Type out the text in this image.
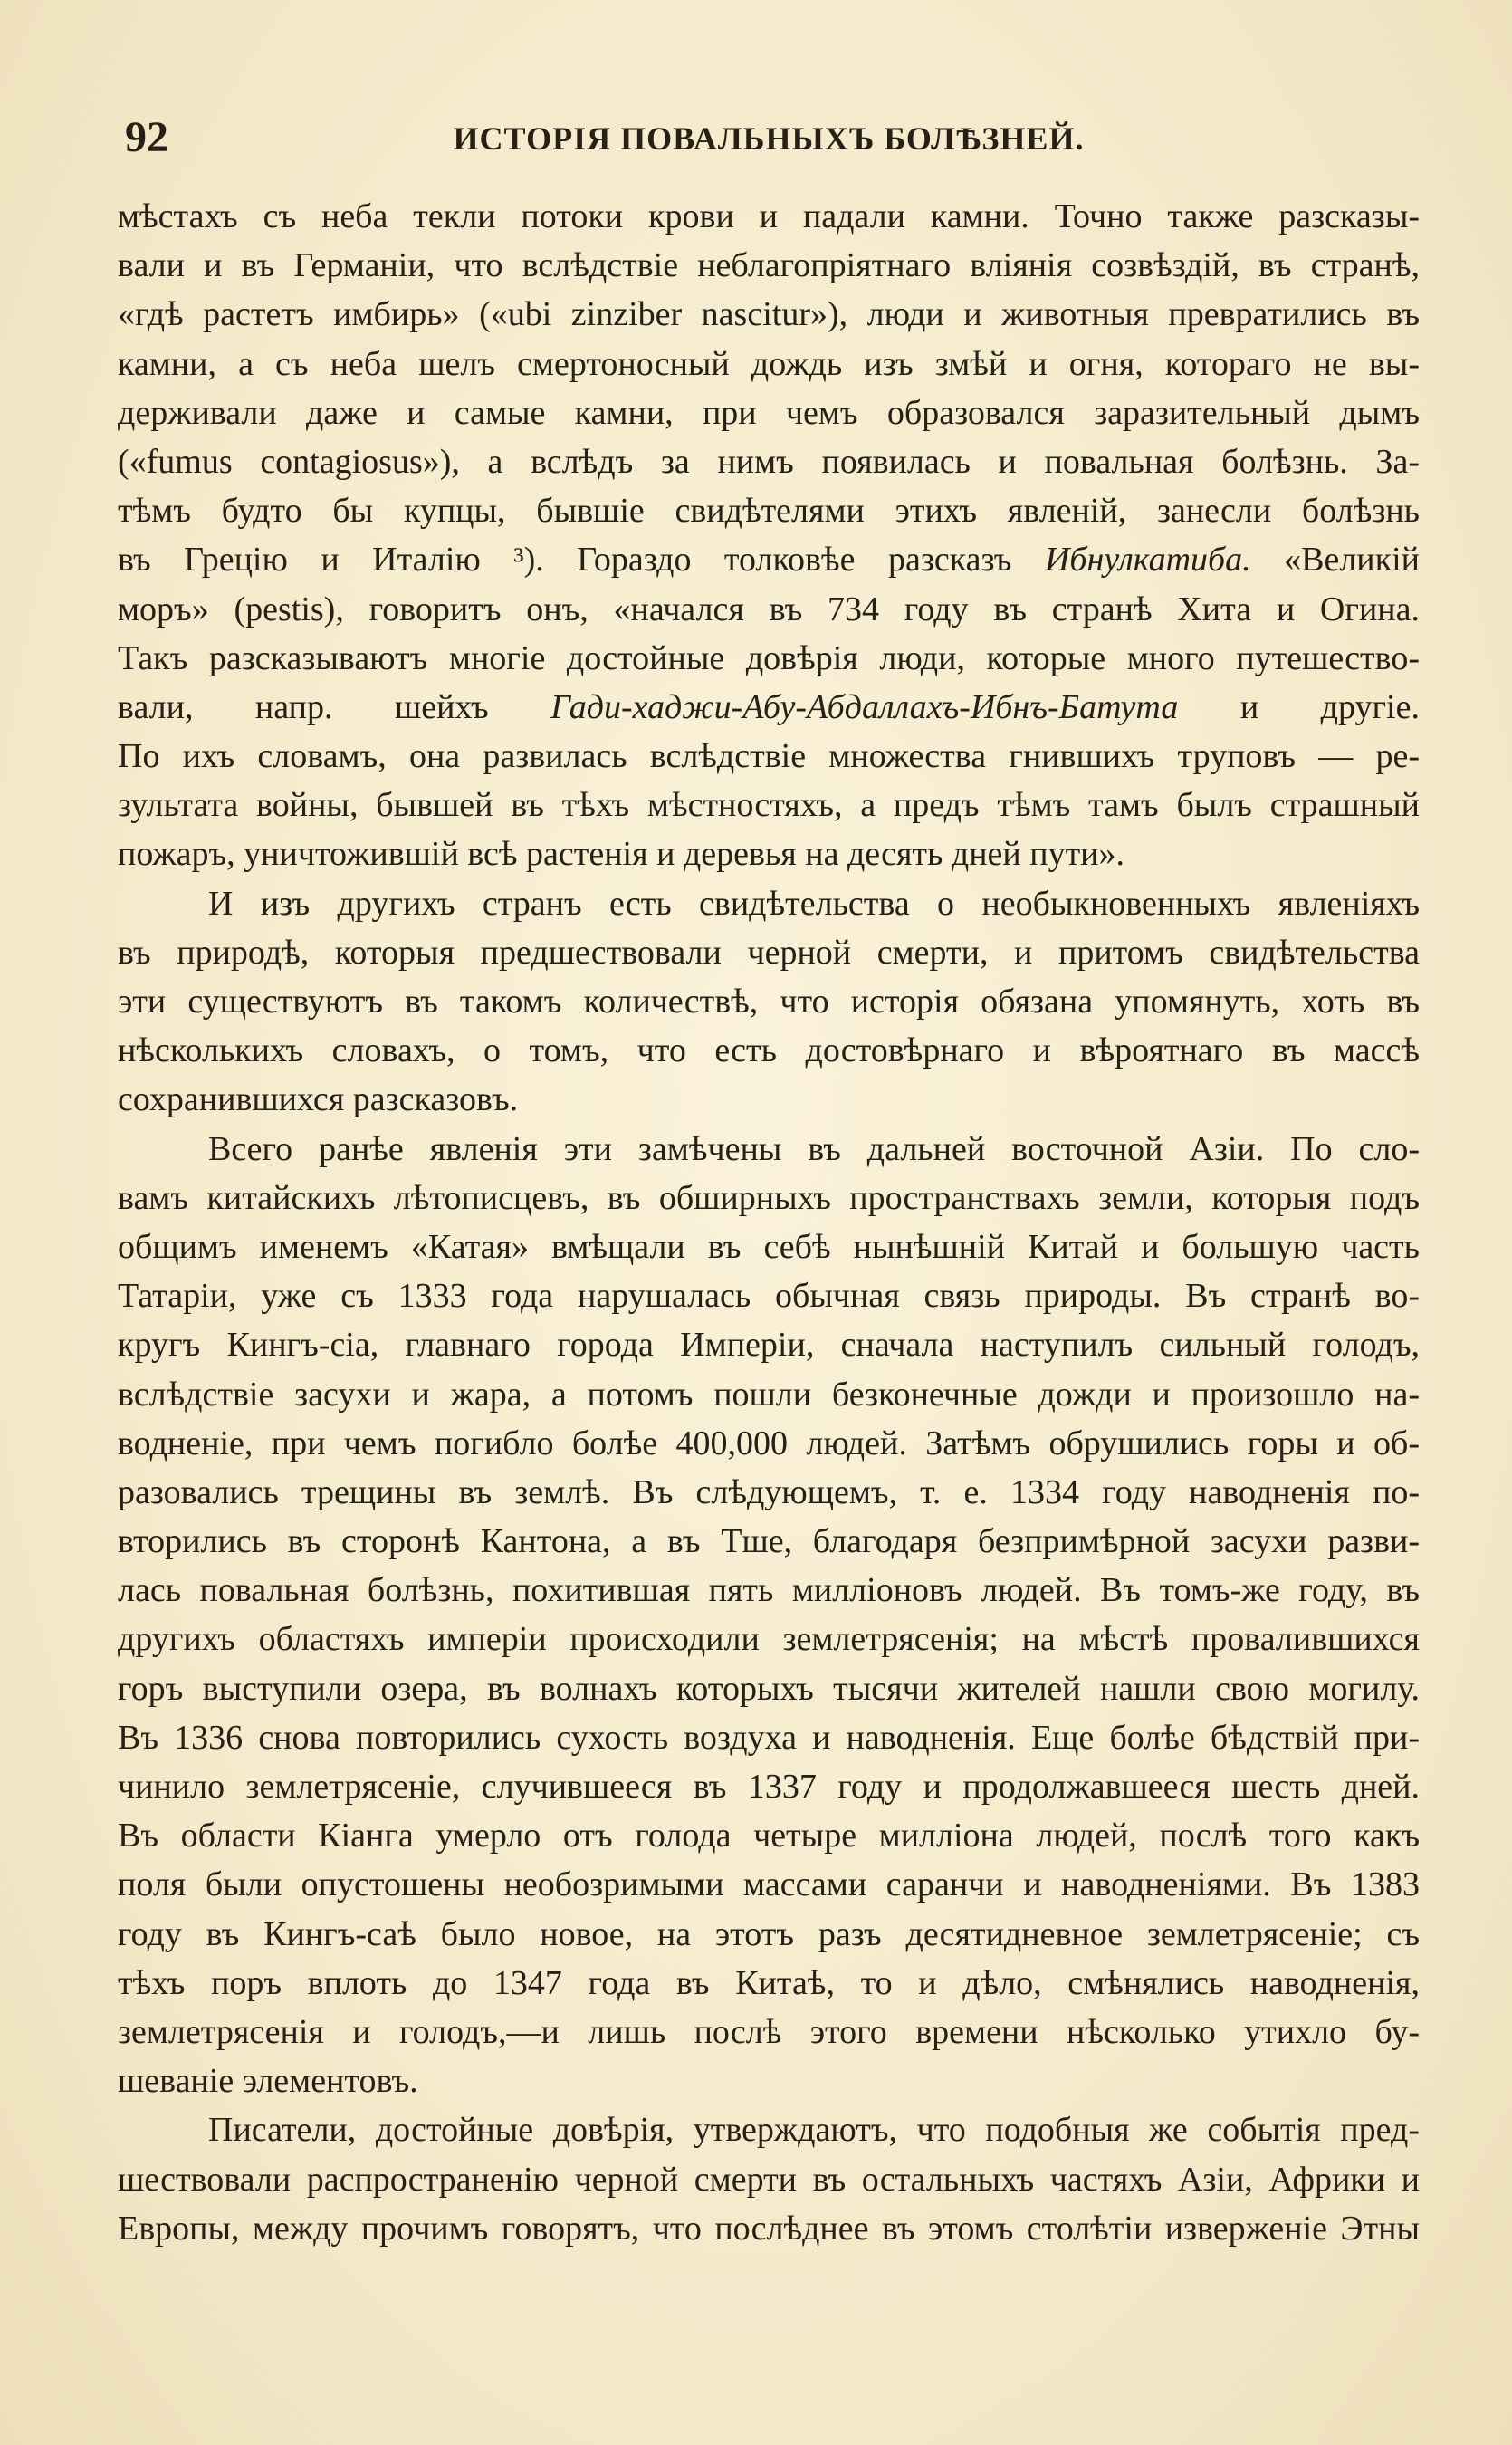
92	ИСТОРІЯ ПОВАЛЬНЫХЪ БОЛѢЗНЕЙ.
мѣстахъ съ неба текли потоки крови и падали камни. Точно также разсказы-
вали и въ Германіи, что вслѣдствіе неблагопріятнаго вліянія созвѣздій, въ странѣ,
«гдѣ растетъ имбирь» («ubi zinziber nascitur»), люди и животныя превратились въ
камни, а съ неба шелъ смертоносный дождь изъ змѣй и огня, котораго не вы-
держивали даже и самые камни, при чемъ образовался заразительный дымъ
(«fumus contagiosus»), а вслѣдъ за нимъ появилась и повальная болѣзнь. За-
тѣмъ будто бы купцы, бывшіе свидѣтелями этихъ явленій, занесли болѣзнь
въ Грецію и Италію ³). Гораздо толковѣе разсказъ Ибнулкатиба. «Великій
моръ» (pestis), говоритъ онъ, «начался въ 734 году въ странѣ Хита и Огина.
Такъ разсказываютъ многіе достойные довѣрія люди, которые много путешество-
вали, напр. шейхъ Гади-хаджи-Абу-Абдаллахъ-Ибнъ-Батута и другіе.
По ихъ словамъ, она развилась вслѣдствіе множества гнившихъ труповъ — ре-
зультата войны, бывшей въ тѣхъ мѣстностяхъ, а предъ тѣмъ тамъ былъ страшный
пожаръ, уничтожившій всѣ растенія и деревья на десять дней пути».
И изъ другихъ странъ есть свидѣтельства о необыкновенныхъ явленіяхъ
въ природѣ, которыя предшествовали черной смерти, и притомъ свидѣтельства
эти существуютъ въ такомъ количествѣ, что исторія обязана упомянуть, хоть въ
нѣсколькихъ словахъ, о томъ, что есть достовѣрнаго и вѣроятнаго въ массѣ
сохранившихся разсказовъ.
Всего ранѣе явленія эти замѣчены въ дальней восточной Азіи. По сло-
вамъ китайскихъ лѣтописцевъ, въ обширныхъ пространствахъ земли, которыя подъ
общимъ именемъ «Катая» вмѣщали въ себѣ нынѣшній Китай и большую часть
Татаріи, уже съ 1333 года нарушалась обычная связь природы. Въ странѣ во-
кругъ Кингъ-сіа, главнаго города Имперіи, сначала наступилъ сильный голодъ,
вслѣдствіе засухи и жара, а потомъ пошли безконечные дожди и произошло на-
водненіе, при чемъ погибло болѣе 400,000 людей. Затѣмъ обрушились горы и об-
разовались трещины въ землѣ. Въ слѣдующемъ, т. е. 1334 году наводненія по-
вторились въ сторонѣ Кантона, а въ Тше, благодаря безпримѣрной засухи разви-
лась повальная болѣзнь, похитившая пять милліоновъ людей. Въ томъ-же году, въ
другихъ областяхъ имперіи происходили землетрясенія; на мѣстѣ провалившихся
горъ выступили озера, въ волнахъ которыхъ тысячи жителей нашли свою могилу.
Въ 1336 снова повторились сухость воздуха и наводненія. Еще болѣе бѣдствій при-
чинило землетрясеніе, случившееся въ 1337 году и продолжавшееся шесть дней.
Въ области Кіанга умерло отъ голода четыре милліона людей, послѣ того какъ
поля были опустошены необозримыми массами саранчи и наводненіями. Въ 1383
году въ Кингъ-саѣ было новое, на этотъ разъ десятидневное землетрясеніе; съ
тѣхъ поръ вплоть до 1347 года въ Китаѣ, то и дѣло, смѣнялись наводненія,
землетрясенія и голодъ,—и лишь послѣ этого времени нѣсколько утихло бу-
шеваніе элементовъ.
Писатели, достойные довѣрія, утверждаютъ, что подобныя же событія пред-
шествовали распространенію черной смерти въ остальныхъ частяхъ Азіи, Африки и
Европы, между прочимъ говорятъ, что послѣднее въ этомъ столѣтіи изверженіе Этны
